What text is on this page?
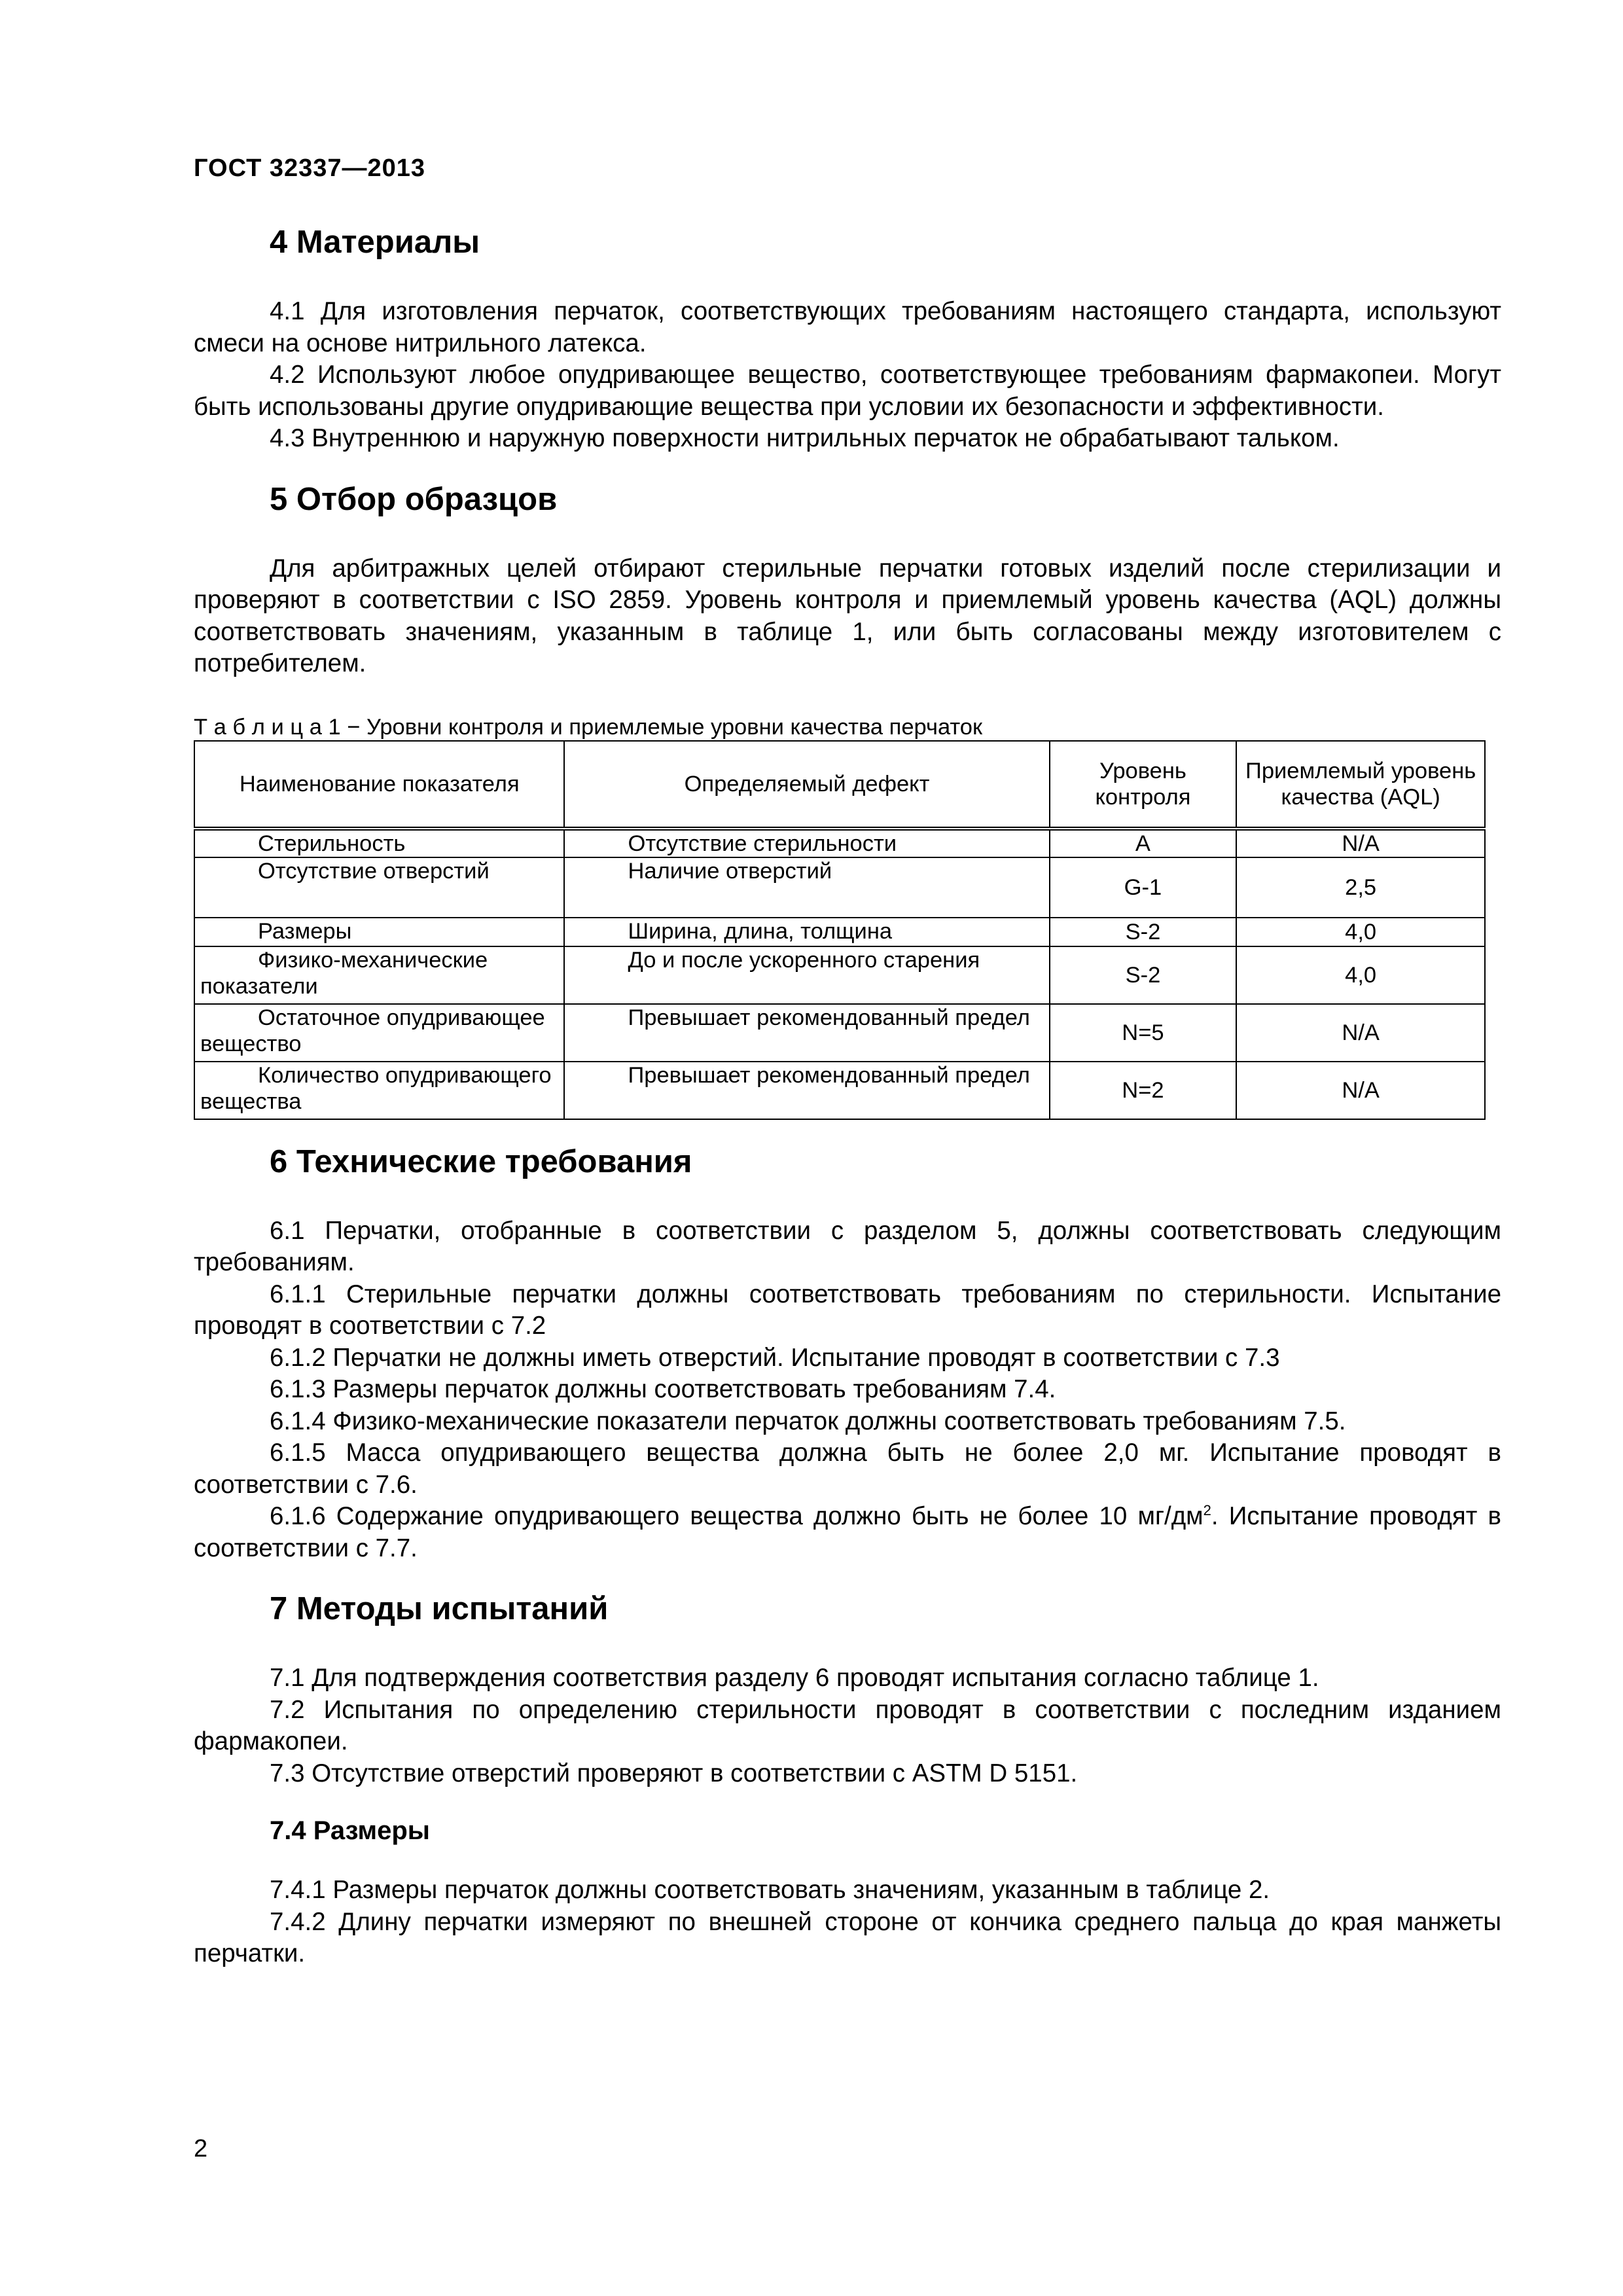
ГОСТ 32337—2013
4 Материалы

4.1 Для изготовления перчаток, соответствующих требованиям настоящего стандарта, используют смеси на основе нитрильного латекса.

4.2 Используют любое опудривающее вещество, соответствующее требованиям фармакопеи. Могут быть использованы другие опудривающие вещества при условии их безопасности и эффективности.

4.3 Внутреннюю и наружную поверхности нитрильных перчаток не обрабатывают тальком.

5 Отбор образцов

Для арбитражных целей отбирают стерильные перчатки готовых изделий после стерилизации и проверяют в соответствии с ISO 2859. Уровень контроля и приемлемый уровень качества (AQL) должны соответствовать значениям, указанным в таблице 1, или быть согласованы между изготовителем с потребителем.

Т а б л и ц а 1 − Уровни контроля и приемлемые уровни качества перчаток

Наименование показателя	Определяемый дефект	Уровень контроля	Приемлемый уровень качества (AQL)
Стерильность	Отсутствие стерильности	A	N/A
Отсутствие отверстий	Наличие отверстий	G-1	2,5
Размеры	Ширина, длина, толщина	S-2	4,0
Физико-механические показатели	До и после ускоренного старения	S-2	4,0
Остаточное опудривающее вещество	Превышает рекомендованный предел	N=5	N/A
Количество опудривающего вещества	Превышает рекомендованный предел	N=2	N/A
6 Технические требования

6.1 Перчатки, отобранные в соответствии с разделом 5, должны соответствовать следующим требованиям.

6.1.1 Стерильные перчатки должны соответствовать требованиям по стерильности. Испытание проводят в соответствии с 7.2

6.1.2 Перчатки не должны иметь отверстий. Испытание проводят в соответствии с 7.3

6.1.3 Размеры перчаток должны соответствовать требованиям 7.4.

6.1.4 Физико-механические показатели перчаток должны соответствовать требованиям 7.5.

6.1.5 Масса опудривающего вещества должна быть не более 2,0 мг. Испытание проводят в соответствии с 7.6.

6.1.6 Содержание опудривающего вещества должно быть не более 10 $мг/дм^2$. Испытание проводят в соответствии с 7.7.

7 Методы испытаний

7.1 Для подтверждения соответствия разделу 6 проводят испытания согласно таблице 1.

7.2 Испытания по определению стерильности проводят в соответствии с последним изданием фармакопеи.

7.3 Отсутствие отверстий проверяют в соответствии с ASTM D 5151.

7.4 Размеры

7.4.1 Размеры перчаток должны соответствовать значениям, указанным в таблице 2.

7.4.2 Длину перчатки измеряют по внешней стороне от кончика среднего пальца до края манжеты перчатки.

2
